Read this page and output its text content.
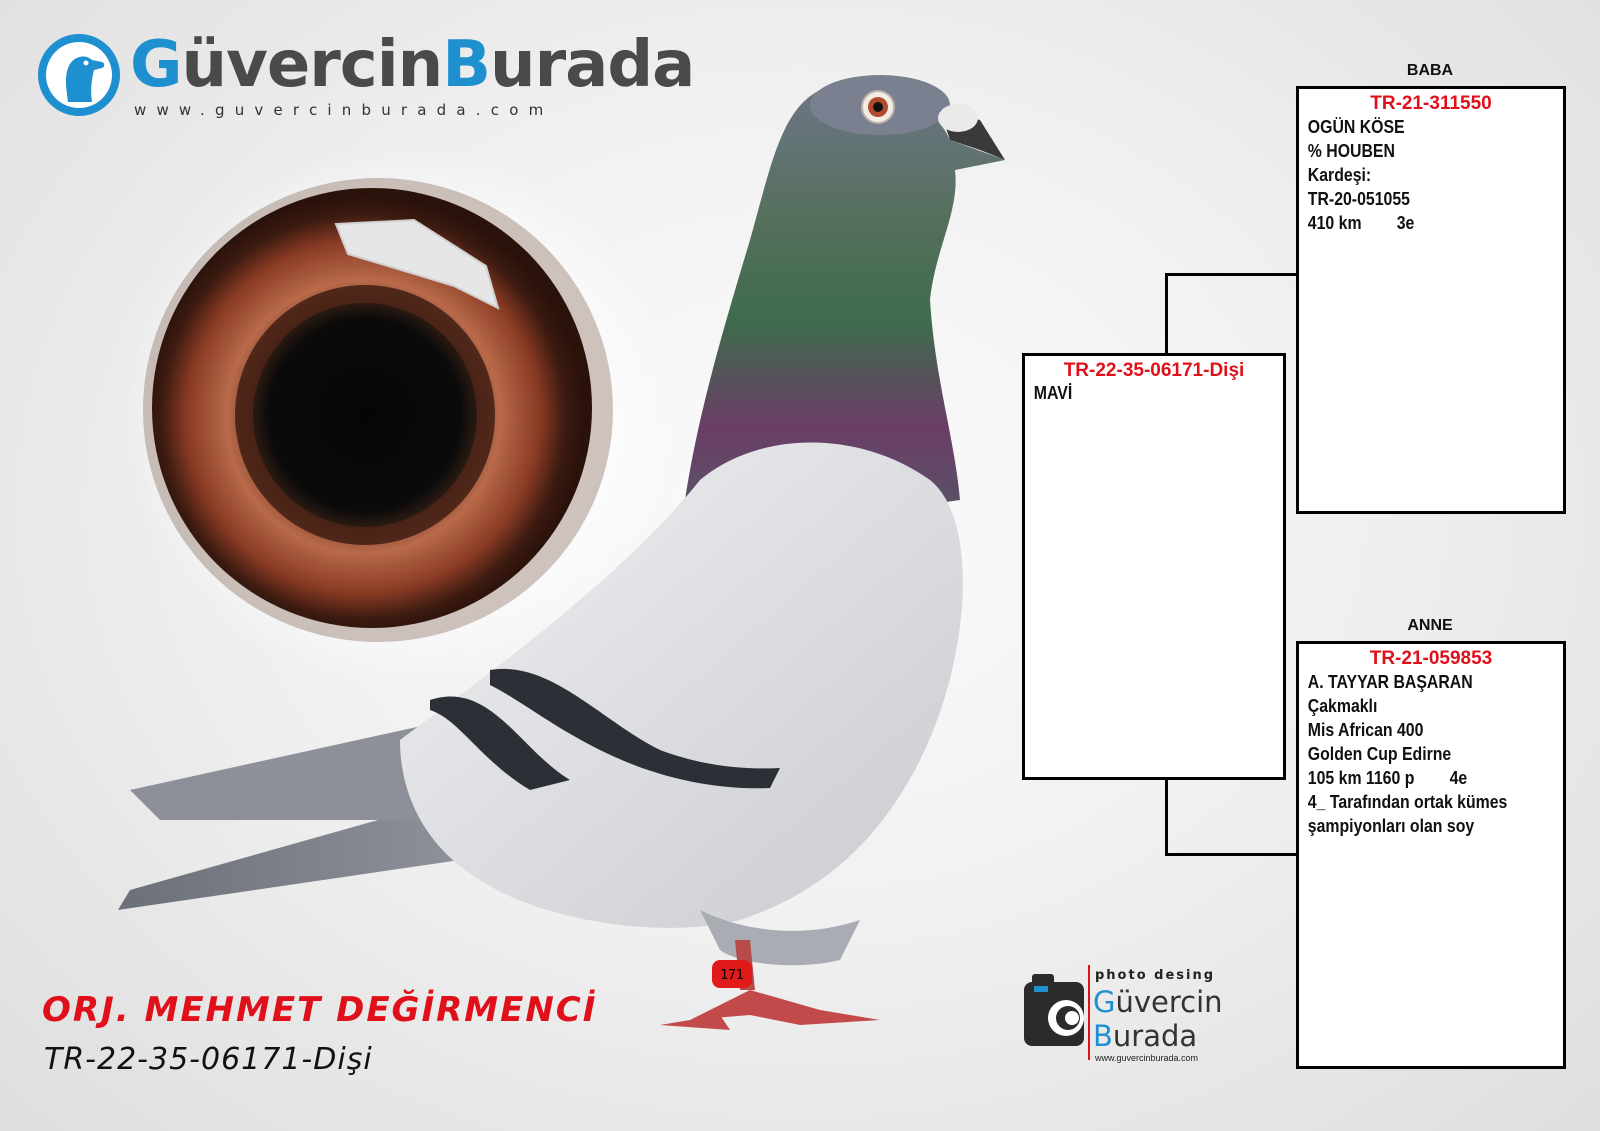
GüvercinBurada
www.guvercinburada.com
171
ORJ. MEHMET DEĞİRMENCİ
TR-22-35-06171-Dişi
TR-22-35-06171-Dişi
MAVİ
BABA
TR-21-311550
OGÜN KÖSE
% HOUBEN
Kardeşi:
TR-20-051055
410 km        3e
ANNE
TR-21-059853
A. TAYYAR BAŞARAN
Çakmaklı
Mis African 400
Golden Cup Edirne
105 km 1160 p        4e
4_ Tarafından ortak kümes
şampiyonları olan soy
photo desing
Güvercin
Burada
www.guvercinburada.com
